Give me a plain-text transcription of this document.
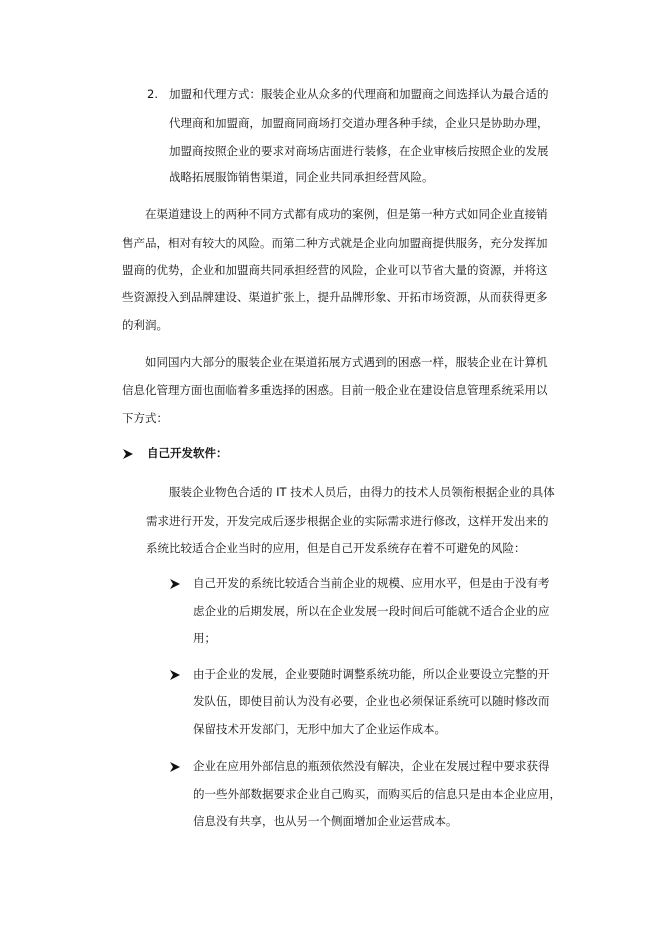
2. 加盟和代理方式：服装企业从众多的代理商和加盟商之间选择认为最合适的
代理商和加盟商，加盟商同商场打交道办理各种手续，企业只是协助办理，
加盟商按照企业的要求对商场店面进行装修，在企业审核后按照企业的发展
战略拓展服饰销售渠道，同企业共同承担经营风险。
在渠道建设上的两种不同方式都有成功的案例，但是第一种方式如同企业直接销
售产品，相对有较大的风险。而第二种方式就是企业向加盟商提供服务，充分发挥加
盟商的优势，企业和加盟商共同承担经营的风险，企业可以节省大量的资源，并将这
些资源投入到品牌建设、渠道扩张上，提升品牌形象、开拓市场资源，从而获得更多
的利润。
如同国内大部分的服装企业在渠道拓展方式遇到的困惑一样，服装企业在计算机
信息化管理方面也面临着多重选择的困惑。目前一般企业在建设信息管理系统采用以
下方式：
自己开发软件：
服装企业物色合适的 IT 技术人员后，由得力的技术人员领衔根据企业的具体
需求进行开发，开发完成后逐步根据企业的实际需求进行修改，这样开发出来的
系统比较适合企业当时的应用，但是自己开发系统存在着不可避免的风险：
自己开发的系统比较适合当前企业的规模、应用水平，但是由于没有考
虑企业的后期发展，所以在企业发展一段时间后可能就不适合企业的应
用；
由于企业的发展，企业要随时调整系统功能，所以企业要设立完整的开
发队伍，即使目前认为没有必要，企业也必须保证系统可以随时修改而
保留技术开发部门，无形中加大了企业运作成本。
企业在应用外部信息的瓶颈依然没有解决，企业在发展过程中要求获得
的一些外部数据要求企业自己购买，而购买后的信息只是由本企业应用，
信息没有共享，也从另一个侧面增加企业运营成本。
